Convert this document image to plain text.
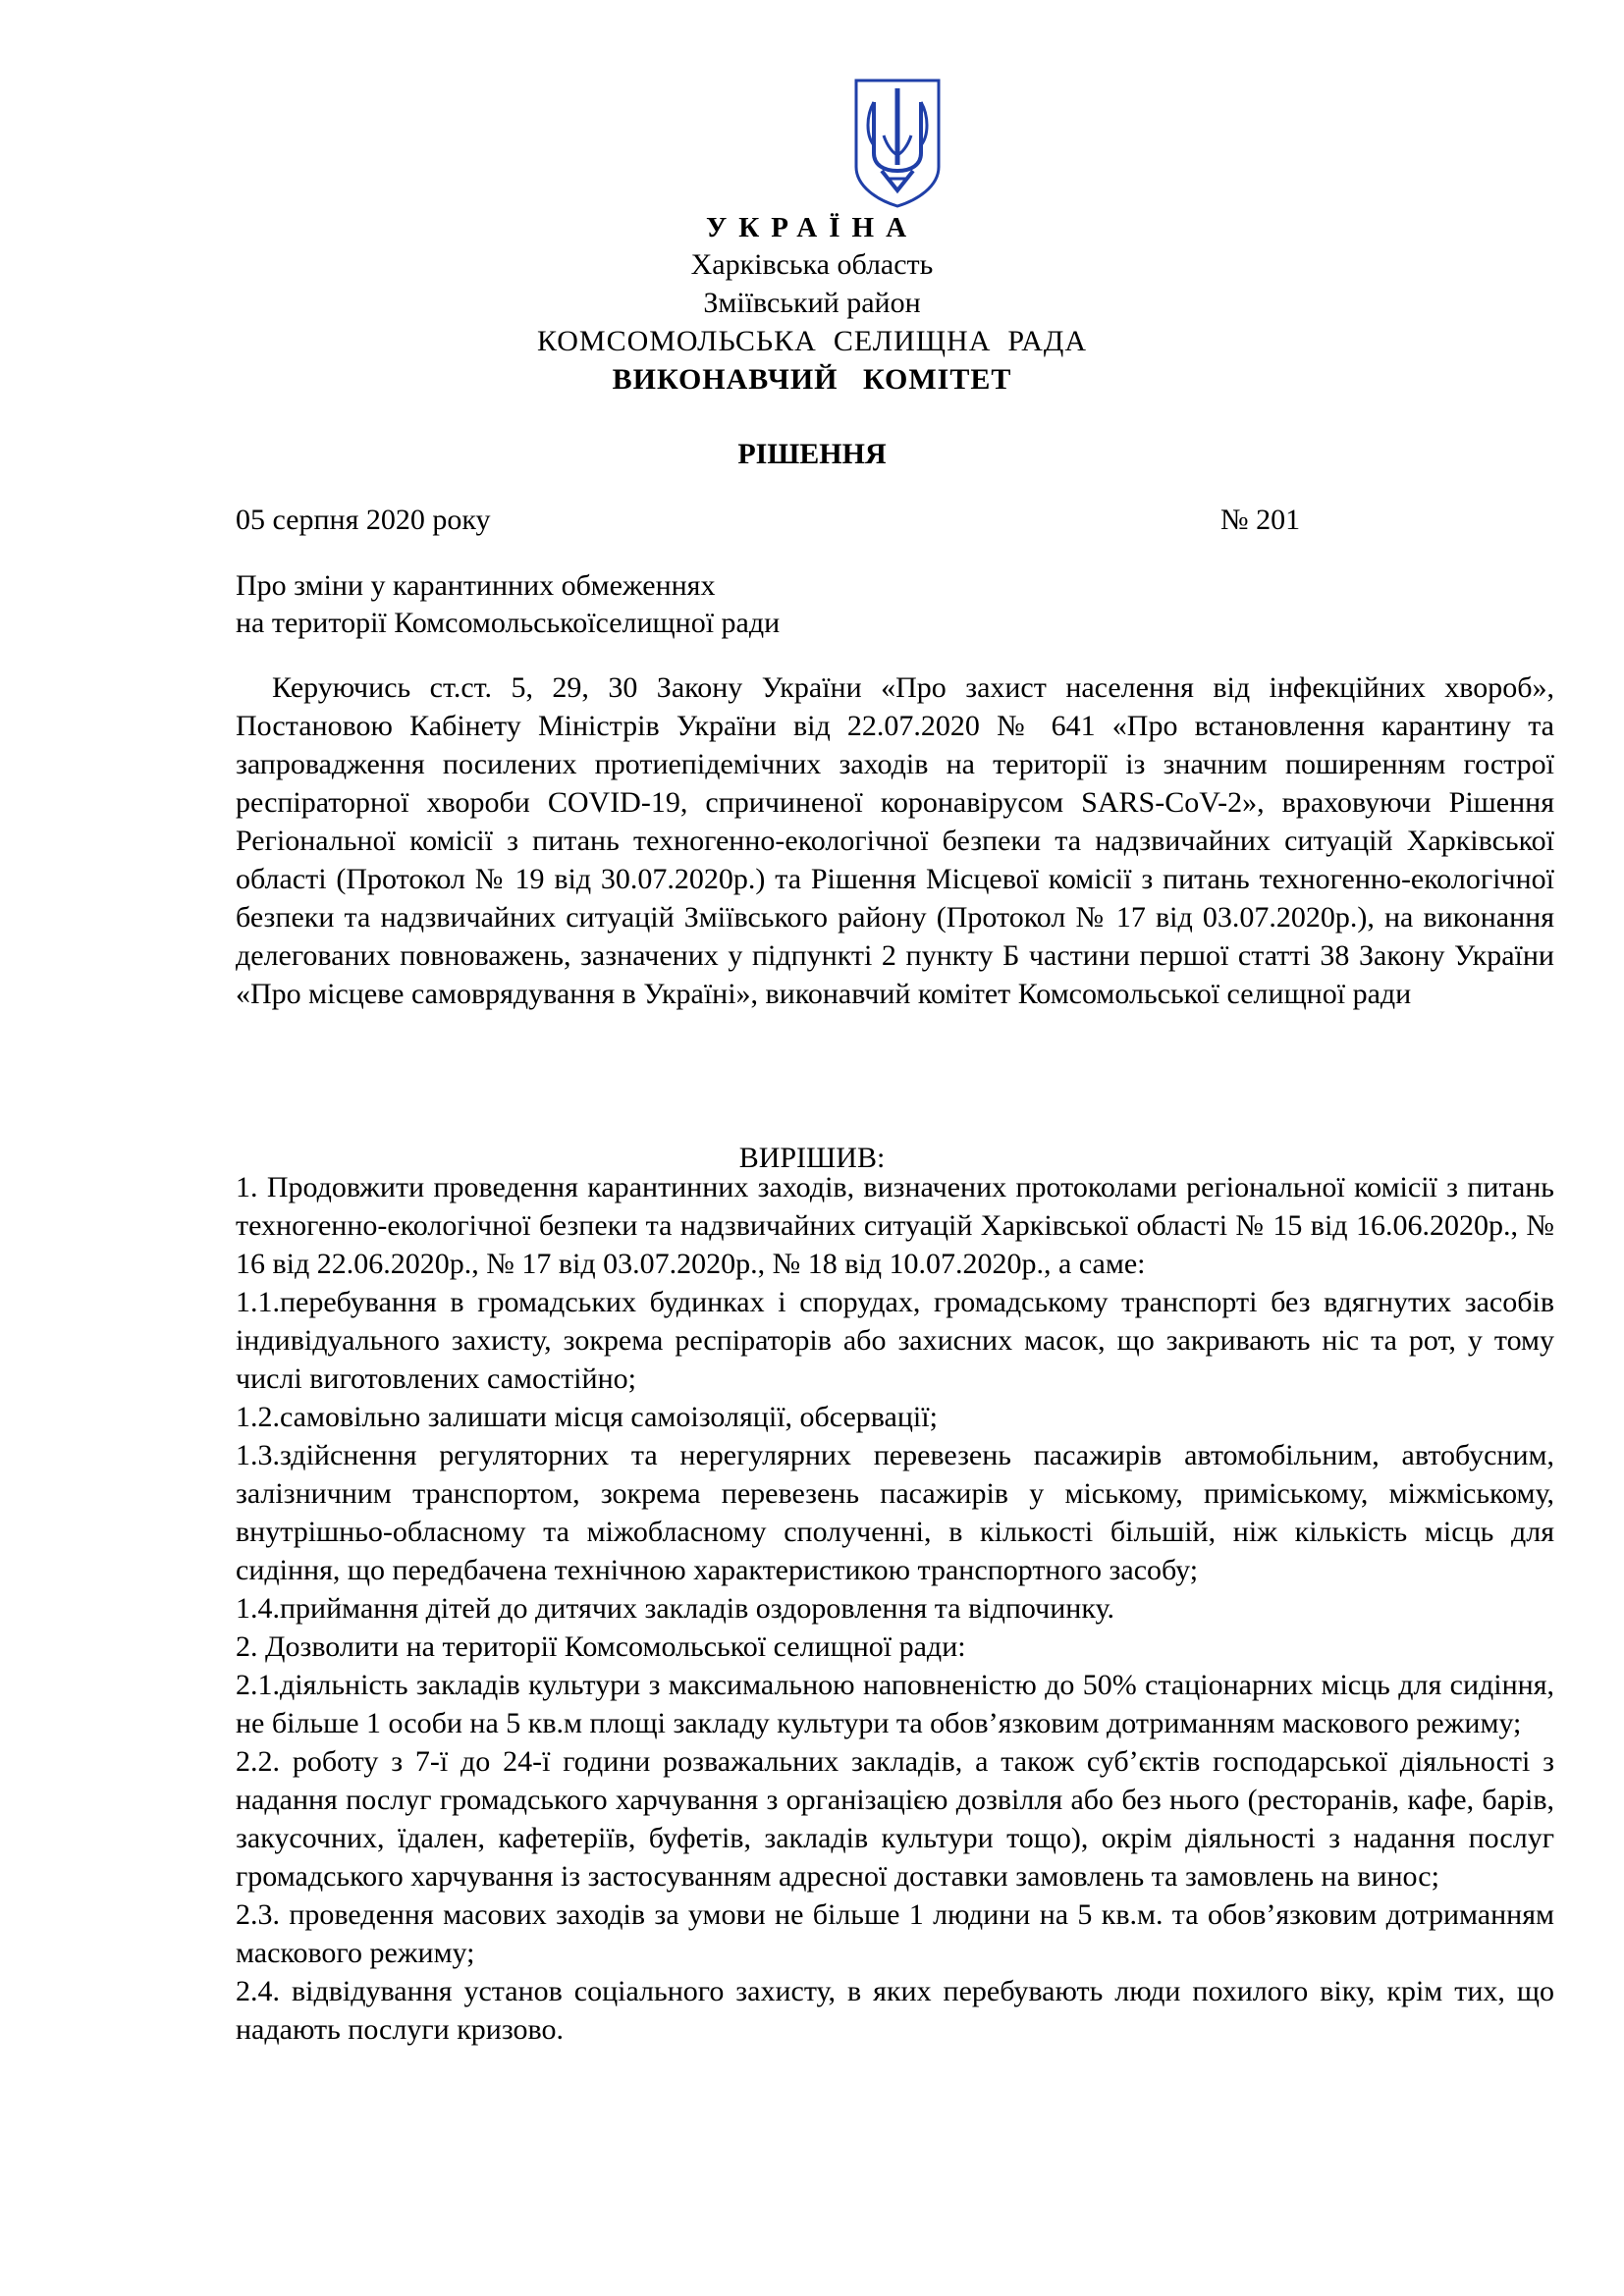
УКРАЇНА
Харківська область
Зміївський район
КОМСОМОЛЬСЬКА  СЕЛИЩНА  РАДА
ВИКОНАВЧИЙ   КОМІТЕТ
РІШЕННЯ
05 серпня 2020 року	№ 201
Про зміни у карантинних обмеженнях
на території Комсомольськоїселищної ради
Керуючись ст.ст. 5, 29, 30 Закону України «Про захист населення від інфекційних хвороб», Постановою Кабінету Міністрів України від 22.07.2020 № 641 «Про встановлення карантину та запровадження посилених протиепідемічних заходів на території із значним поширенням гострої респіраторної хвороби COVID-19, спричиненої коронавірусом SARS-CoV-2», враховуючи Рішення Регіональної комісії з питань техногенно-екологічної безпеки та надзвичайних ситуацій Харківської області (Протокол № 19 від 30.07.2020р.) та Рішення Місцевої комісії з питань техногенно-екологічної безпеки та надзвичайних ситуацій Зміївського району (Протокол № 17 від 03.07.2020р.), на виконання делегованих повноважень, зазначених у підпункті 2 пункту Б частини першої статті 38 Закону України «Про місцеве самоврядування в Україні», виконавчий комітет Комсомольської селищної ради
ВИРІШИВ:

1. Продовжити проведення карантинних заходів, визначених протоколами регіональної комісії з питань техногенно-екологічної безпеки та надзвичайних ситуацій Харківської області № 15 від 16.06.2020р., № 16 від 22.06.2020р., № 17 від 03.07.2020р., № 18 від 10.07.2020р., а саме:

1.1.перебування в громадських будинках і спорудах, громадському транспорті без вдягнутих засобів індивідуального захисту, зокрема респіраторів або захисних масок, що закривають ніс та рот, у тому числі виготовлених самостійно;

1.2.самовільно залишати місця самоізоляції, обсервації;

1.3.здійснення регуляторних та нерегулярних перевезень пасажирів автомобільним, автобусним, залізничним транспортом, зокрема перевезень пасажирів у міському, приміському, міжміському, внутрішньо-обласному та міжобласному сполученні, в кількості більшій, ніж кількість місць для сидіння, що передбачена технічною характеристикою транспортного засобу;

1.4.приймання дітей до дитячих закладів оздоровлення та відпочинку.

2. Дозволити на території Комсомольської селищної ради:

2.1.діяльність закладів культури з максимальною наповненістю до 50% стаціонарних місць для сидіння, не більше 1 особи на 5 кв.м площі закладу культури та обов’язковим дотриманням маскового режиму;

2.2. роботу з 7-ї до 24-ї години розважальних закладів, а також суб’єктів господарської діяльності з надання послуг громадського харчування з організацією дозвілля або без нього (ресторанів, кафе, барів, закусочних, їдален, кафетеріїв, буфетів, закладів культури тощо), окрім діяльності з надання послуг громадського харчування із застосуванням адресної доставки замовлень та замовлень на винос;

2.3. проведення масових заходів за умови не більше 1 людини на 5 кв.м. та обов’язковим дотриманням маскового режиму;

2.4. відвідування установ соціального захисту, в яких перебувають люди похилого віку, крім тих, що надають послуги кризово.
